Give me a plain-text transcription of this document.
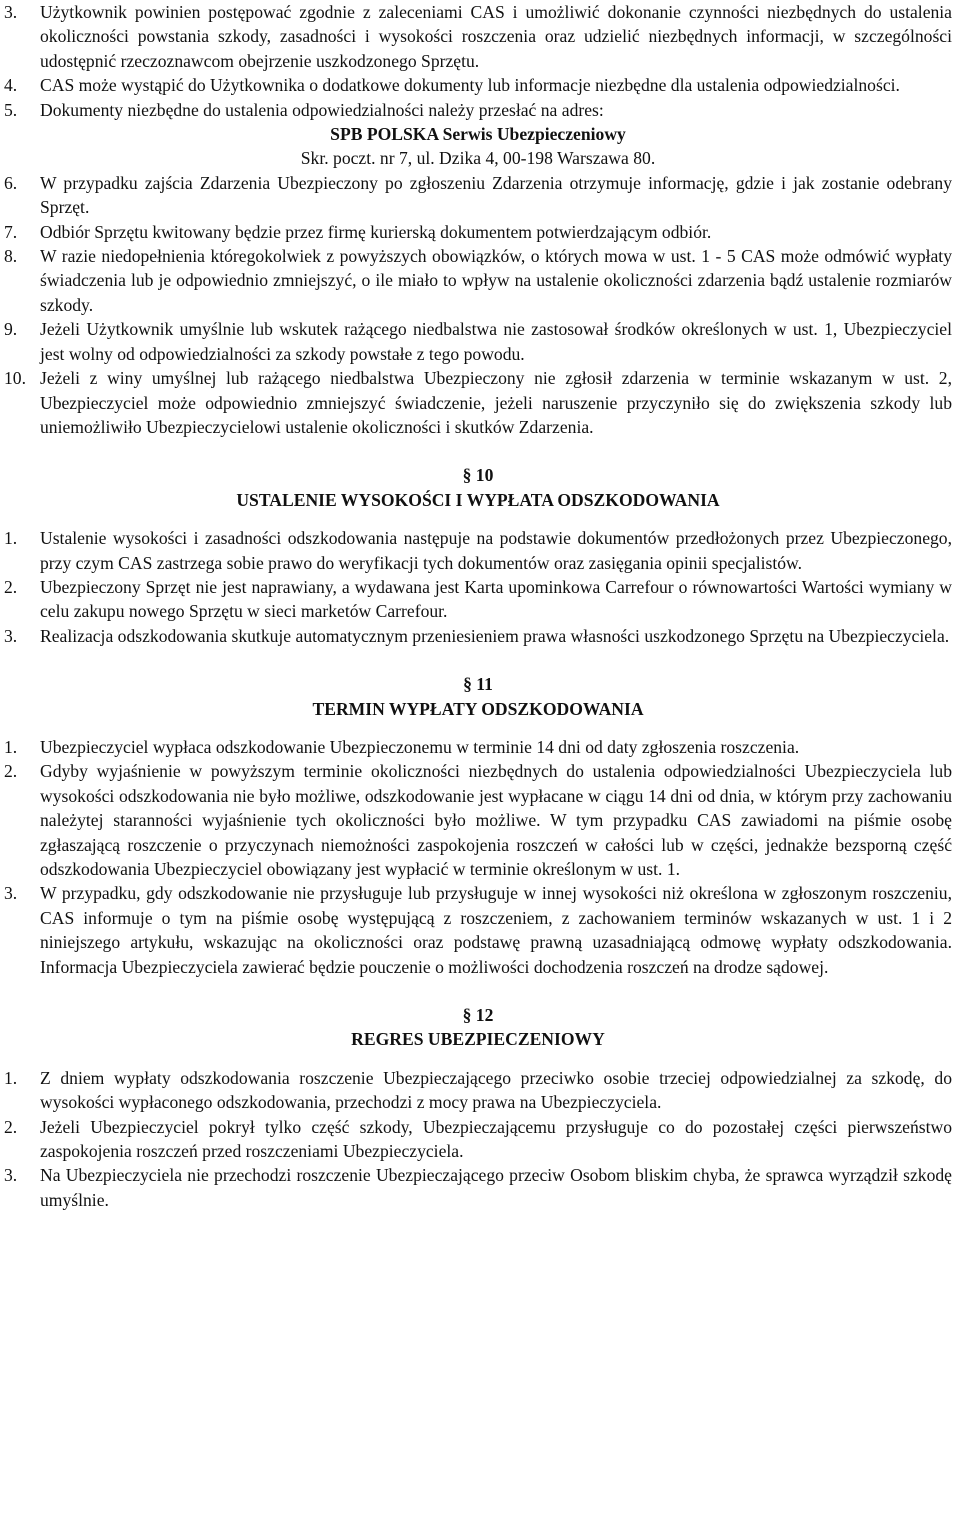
3.	Użytkownik powinien postępować zgodnie z zaleceniami CAS i umożliwić dokonanie czynności niezbędnych do ustalenia okoliczności powstania szkody, zasadności i wysokości roszczenia oraz udzielić niezbędnych informacji, w szczególności udostępnić rzeczoznawcom obejrzenie uszkodzonego Sprzętu.

4.	CAS może wystąpić do Użytkownika o dodatkowe dokumenty lub informacje niezbędne dla ustalenia odpowiedzialności.

5.	Dokumenty niezbędne do ustalenia odpowiedzialności należy przesłać na adres:

SPB POLSKA Serwis Ubezpieczeniowy
Skr. poczt. nr 7, ul. Dzika 4, 00-198 Warszawa 80.

6.	W przypadku zajścia Zdarzenia Ubezpieczony po zgłoszeniu Zdarzenia otrzymuje informację, gdzie i jak zostanie odebrany Sprzęt.

7.	Odbiór Sprzętu kwitowany będzie przez firmę kurierską dokumentem potwierdzającym odbiór.

8.	W razie niedopełnienia któregokolwiek z powyższych obowiązków, o których mowa w ust. 1 - 5 CAS może odmówić wypłaty świadczenia lub je odpowiednio zmniejszyć, o ile miało to wpływ na ustalenie okoliczności zdarzenia bądź ustalenie rozmiarów szkody.

9.	Jeżeli Użytkownik umyślnie lub wskutek rażącego niedbalstwa nie zastosował środków określonych w ust. 1, Ubezpieczyciel jest wolny od odpowiedzialności za szkody powstałe z tego powodu.

10. Jeżeli z winy umyślnej lub rażącego niedbalstwa Ubezpieczony nie zgłosił zdarzenia w terminie wskazanym w ust. 2, Ubezpieczyciel może odpowiednio zmniejszyć świadczenie, jeżeli naruszenie przyczyniło się do zwiększenia szkody lub uniemożliwiło Ubezpieczycielowi ustalenie okoliczności i skutków Zdarzenia.

§ 10
USTALENIE WYSOKOŚCI I WYPŁATA ODSZKODOWANIA

1.	Ustalenie wysokości i zasadności odszkodowania następuje na podstawie dokumentów przedłożonych przez Ubezpieczonego, przy czym CAS zastrzega sobie prawo do weryfikacji tych dokumentów oraz zasięgania opinii specjalistów.

2.	Ubezpieczony Sprzęt nie jest naprawiany, a wydawana jest Karta upominkowa Carrefour o równowartości Wartości wymiany w celu zakupu nowego Sprzętu w sieci marketów Carrefour.

3.	Realizacja odszkodowania skutkuje automatycznym przeniesieniem prawa własności uszkodzonego Sprzętu na Ubezpieczyciela.

§ 11
TERMIN WYPŁATY ODSZKODOWANIA

1.	Ubezpieczyciel wypłaca odszkodowanie Ubezpieczonemu w terminie 14 dni od daty zgłoszenia roszczenia.

2.	Gdyby wyjaśnienie w powyższym terminie okoliczności niezbędnych do ustalenia odpowiedzialności Ubezpieczyciela lub wysokości odszkodowania nie było możliwe, odszkodowanie jest wypłacane w ciągu 14 dni od dnia, w którym przy zachowaniu należytej staranności wyjaśnienie tych okoliczności było możliwe. W tym przypadku CAS zawiadomi na piśmie osobę zgłaszającą roszczenie o przyczynach niemożności zaspokojenia roszczeń w całości lub w części, jednakże bezsporną część odszkodowania Ubezpieczyciel obowiązany jest wypłacić w terminie określonym w ust. 1.

3.	W przypadku, gdy odszkodowanie nie przysługuje lub przysługuje w innej wysokości niż określona w zgłoszonym roszczeniu, CAS informuje o tym na piśmie osobę występującą z roszczeniem, z zachowaniem terminów wskazanych w ust. 1 i 2 niniejszego artykułu, wskazując na okoliczności oraz podstawę prawną uzasadniającą odmowę wypłaty odszkodowania. Informacja Ubezpieczyciela zawierać będzie pouczenie o możliwości dochodzenia roszczeń na drodze sądowej.

§ 12
REGRES UBEZPIECZENIOWY

1.	Z dniem wypłaty odszkodowania roszczenie Ubezpieczającego przeciwko osobie trzeciej odpowiedzialnej za szkodę, do wysokości wypłaconego odszkodowania, przechodzi z mocy prawa na Ubezpieczyciela.

2.	Jeżeli Ubezpieczyciel pokrył tylko część szkody, Ubezpieczającemu przysługuje co do pozostałej części pierwszeństwo zaspokojenia roszczeń przed roszczeniami Ubezpieczyciela.

3.	Na Ubezpieczyciela nie przechodzi roszczenie Ubezpieczającego przeciw Osobom bliskim chyba, że sprawca wyrządził szkodę umyślnie.
